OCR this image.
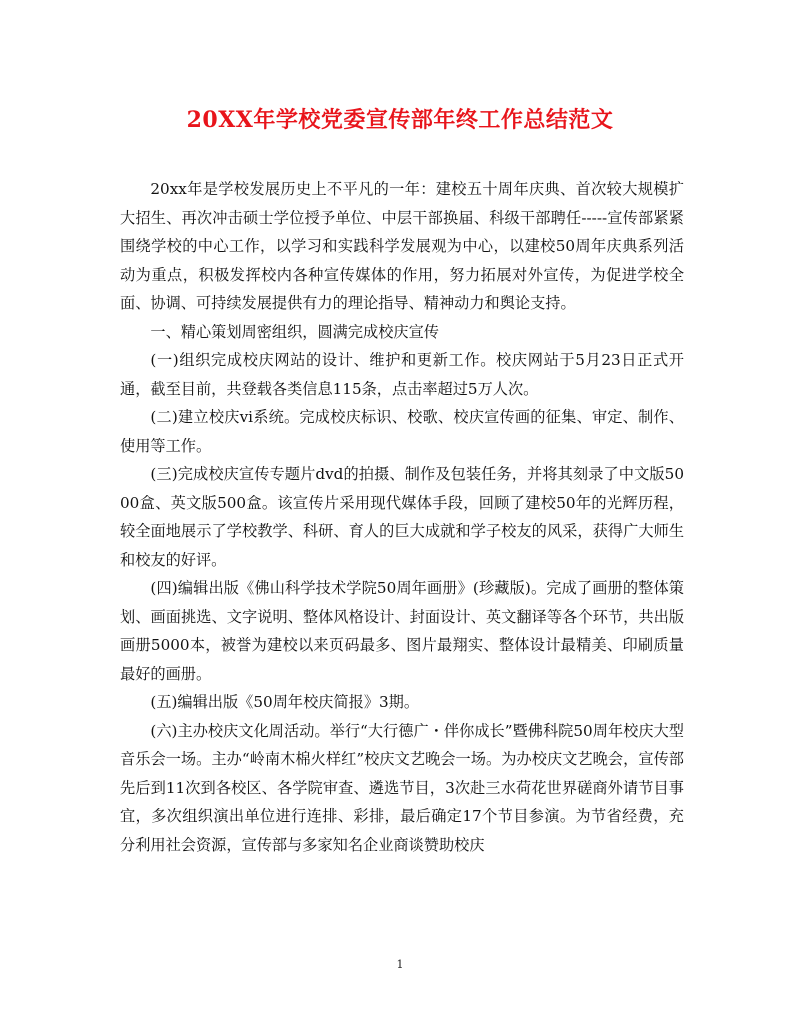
20XX年学校党委宣传部年终工作总结范文

20xx年是学校发展历史上不平凡的一年：建校五十周年庆典、首次较大规模扩大招生、再次冲击硕士学位授予单位、中层干部换届、科级干部聘任-----宣传部紧紧围绕学校的中心工作，以学习和实践科学发展观为中心，以建校50周年庆典系列活动为重点，积极发挥校内各种宣传媒体的作用，努力拓展对外宣传，为促进学校全面、协调、可持续发展提供有力的理论指导、精神动力和舆论支持。

一、精心策划周密组织，圆满完成校庆宣传

(一)组织完成校庆网站的设计、维护和更新工作。校庆网站于5月23日正式开通，截至目前，共登载各类信息115条，点击率超过5万人次。

(二)建立校庆vi系统。完成校庆标识、校歌、校庆宣传画的征集、审定、制作、使用等工作。

(三)完成校庆宣传专题片dvd的拍摄、制作及包装任务，并将其刻录了中文版5000盒、英文版500盒。该宣传片采用现代媒体手段，回顾了建校50年的光辉历程，较全面地展示了学校教学、科研、育人的巨大成就和学子校友的风采，获得广大师生和校友的好评。

(四)编辑出版《佛山科学技术学院50周年画册》(珍藏版)。完成了画册的整体策划、画面挑选、文字说明、整体风格设计、封面设计、英文翻译等各个环节，共出版画册5000本，被誉为建校以来页码最多、图片最翔实、整体设计最精美、印刷质量最好的画册。

(五)编辑出版《50周年校庆简报》3期。

(六)主办校庆文化周活动。举行“大行德广・伴你成长”暨佛科院50周年校庆大型音乐会一场。主办“岭南木棉火样红”校庆文艺晚会一场。为办校庆文艺晚会，宣传部先后到11次到各校区、各学院审查、遴选节目，3次赴三水荷花世界磋商外请节目事宜，多次组织演出单位进行连排、彩排，最后确定17个节目参演。为节省经费，充分利用社会资源，宣传部与多家知名企业商谈赞助校庆

1
